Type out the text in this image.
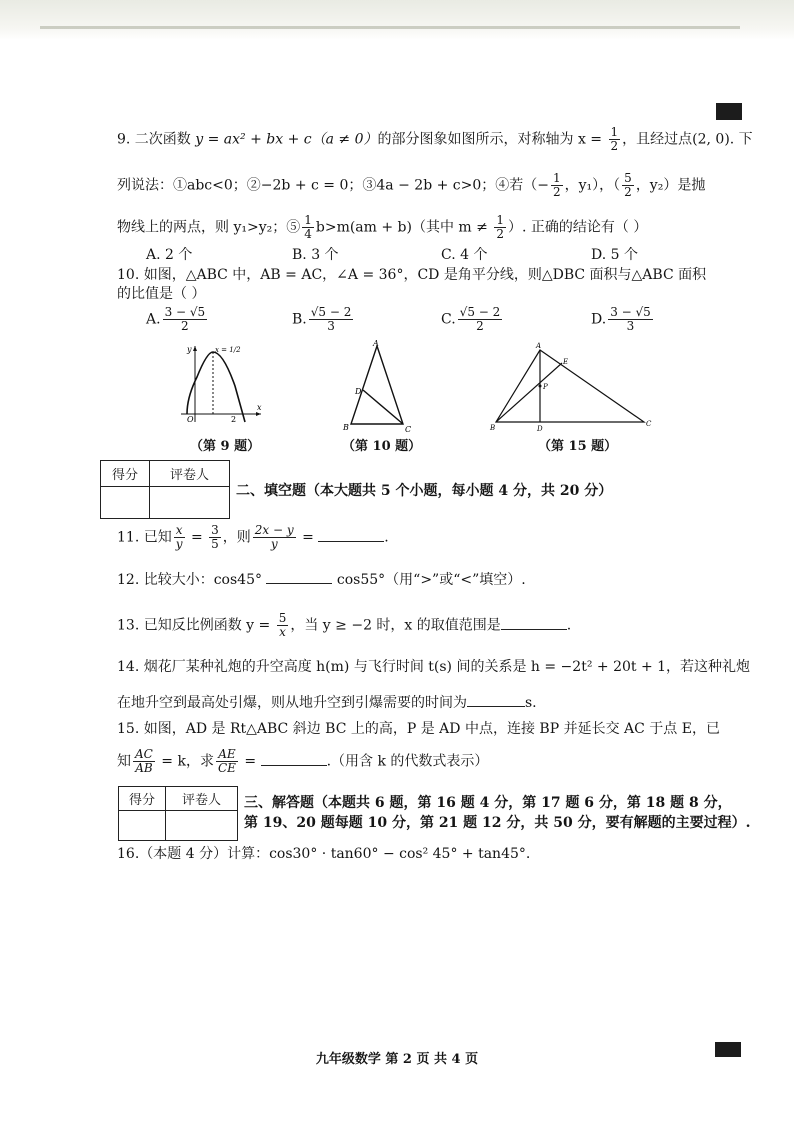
9. 二次函数 y = ax² + bx + c（a ≠ 0）的部分图象如图所示，对称轴为 $x = \frac{1}{2}$ ，且经过点(2, 0). 下
列说法：①abc<0；②−2b + c = 0；③4a − 2b + c>0；④若（− $\frac{1}{2}$ ，y₁），（ $\frac{5}{2}$ ，y₂）是抛
物线上的两点，则 y₁>y₂；⑤ $\frac{1}{4} b>m(am + b)$（其中 $m \ne \frac{1}{2}$ ）. 正确的结论有（ ）
A. 2 个	B. 3 个	C. 4 个	D. 5 个
10. 如图，△ABC 中，AB = AC，∠A = 36°，CD 是角平分线，则△DBC 面积与△ABC 面积
的比值是（ ）
A. $\frac{3 - √5}{2}$	B. $\frac{√5 - 2}{3}$	C. $\frac{√5 - 2}{2}$	D. $\frac{3 - √5}{3}$
y
x
O	2
x = 1/2
（第 9 题）
A
D
B	C
（第 10 题）
A
B	C
D
E
P
（第 15 题）
得分	评卷人

二、填空题（本大题共 5 个小题，每小题 4 分，共 20 分）
11. 已知 $\frac{x}{y} = \frac{3}{5}$ ，则 $\frac{2x - y}{y}$ =	.
12. 比较大小：cos45°	cos55°（用“>”或“<”填空）.
13. 已知反比例函数 $y = \frac{5}{x}$ ，当 y ≥ −2 时，x 的取值范围是	.
14. 烟花厂某种礼炮的升空高度 h(m) 与飞行时间 t(s) 间的关系是 h = −2t² + 20t + 1，若这种礼炮
在地升空到最高处引爆，则从地升空到引爆需要的时间为	s.
15. 如图，AD 是 Rt△ABC 斜边 BC 上的高，P 是 AD 中点，连接 BP 并延长交 AC 于点 E，已
知 $\frac{AC}{AB} = k$，求 $\frac{AE}{CE}$ =	.（用含 k 的代数式表示）
得分	评卷人
	三、解答题（本题共 6 题，第 16 题 4 分，第 17 题 6 分，第 18 题 8 分，
第 19、20 题每题 10 分，第 21 题 12 分，共 50 分，要有解题的主要过程）.
16.（本题 4 分）计算：cos30° · tan60° − cos² 45° + tan45°.
九年级数学 第 2 页 共 4 页
